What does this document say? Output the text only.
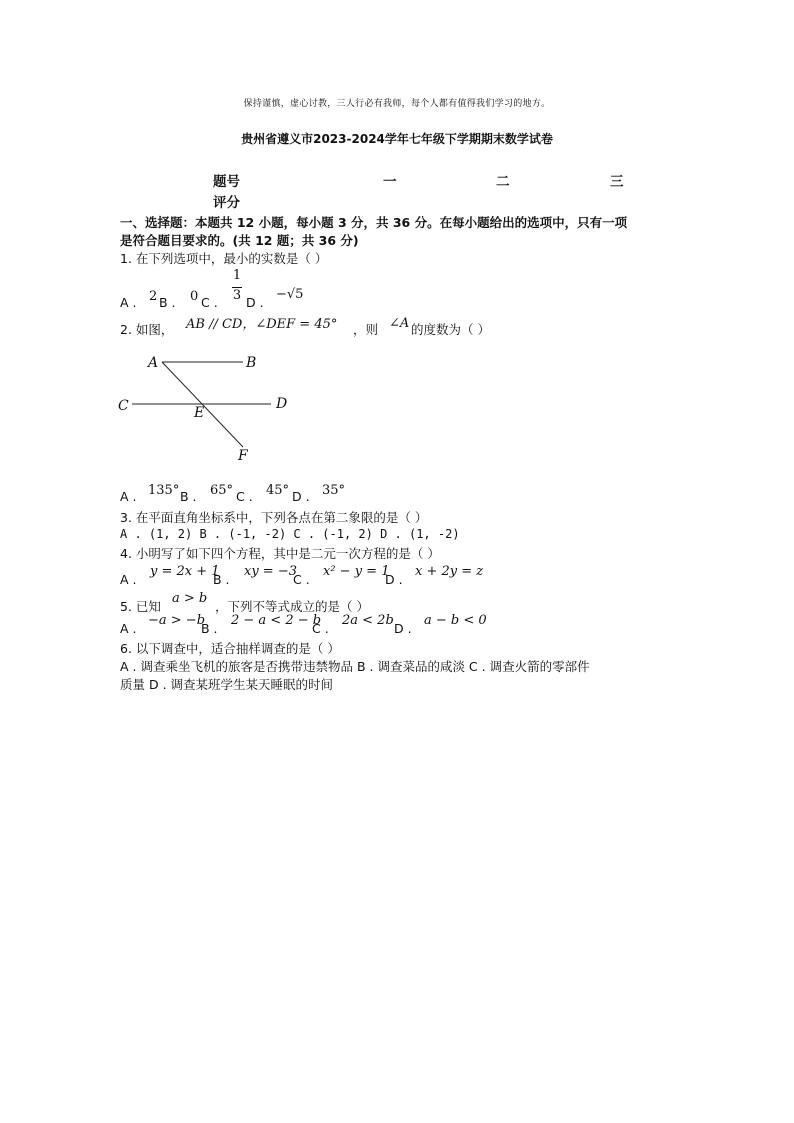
保持谨慎，虚心讨教，三人行必有我师，每个人都有值得我们学习的地方。
贵州省遵义市2023-2024学年七年级下学期期末数学试卷
题号	一	二	三
评分
一、选择题：本题共 12 小题，每小题 3 分，共 36 分。在每小题给出的选项中，只有一项
是符合题目要求的。(共 12 题；共 36 分)
1. 在下列选项中，最小的实数是（ ）
A . 2 B . 0 C .
1
3 D .
−√5
2. 如图， AB // CD，∠DEF = 45° ，则 ∠A 的度数为（ ）
A	B
C	D
E
F
A . 135° B . 65° C . 45° D . 35°
3. 在平面直角坐标系中，下列各点在第二象限的是（ ）
A . (1, 2) B . (-1, -2) C . (-1, 2) D . (1, -2)
4. 小明写了如下四个方程，其中是二元一次方程的是（ ）
A .
y = 2x + 1
B .
xy = −3
C .
x² − y = 1
D .
x + 2y = z
5. 已知
a > b
，下列不等式成立的是（ ）
A .
−a > −b
B .
2 − a < 2 − b
C .
2a < 2b
D .
a − b < 0
6. 以下调查中，适合抽样调查的是（ ）
A . 调查乘坐飞机的旅客是否携带违禁物品 B . 调查菜品的咸淡 C . 调查火箭的零部件
质量 D . 调查某班学生某天睡眠的时间
